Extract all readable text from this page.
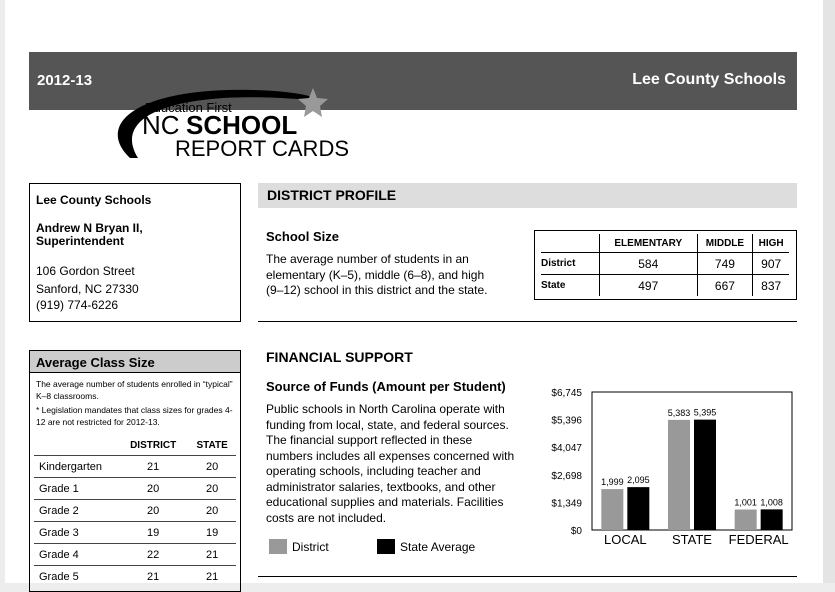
2012-13	Lee County Schools
Education First
NC SCHOOL
REPORT CARDS
Lee County Schools
Andrew N Bryan II,
Superintendent
106 Gordon Street
Sanford, NC 27330
(919) 774-6226
Average Class Size
The average number of students enrolled in “typical” K–8 classrooms.
* Legislation mandates that class sizes for grades 4-12 are not restricted for 2012-13.
	DISTRICT	STATE
Kindergarten	21	20
Grade 1	20	20
Grade 2	20	20
Grade 3	19	19
Grade 4	22	21
Grade 5	21	21
DISTRICT PROFILE
School Size
The average number of students in an elementary (K–5), middle (6–8), and high (9–12) school in this district and the state.
	ELEMENTARY	MIDDLE	HIGH
District	584	749	907
State	497	667	837
FINANCIAL SUPPORT
Source of Funds (Amount per Student)
Public schools in North Carolina operate with funding from local, state, and federal sources. The financial support reflected in these numbers includes all expenses concerned with operating schools, including teacher and administrator salaries, textbooks, and other educational supplies and materials. Facilities costs are not included.
District	State Average
$0
$1,349
$2,698
$4,047
$5,396
$6,745
1,999 2,095
LOCAL
5,383 5,395
STATE
1,001 1,008
FEDERAL
